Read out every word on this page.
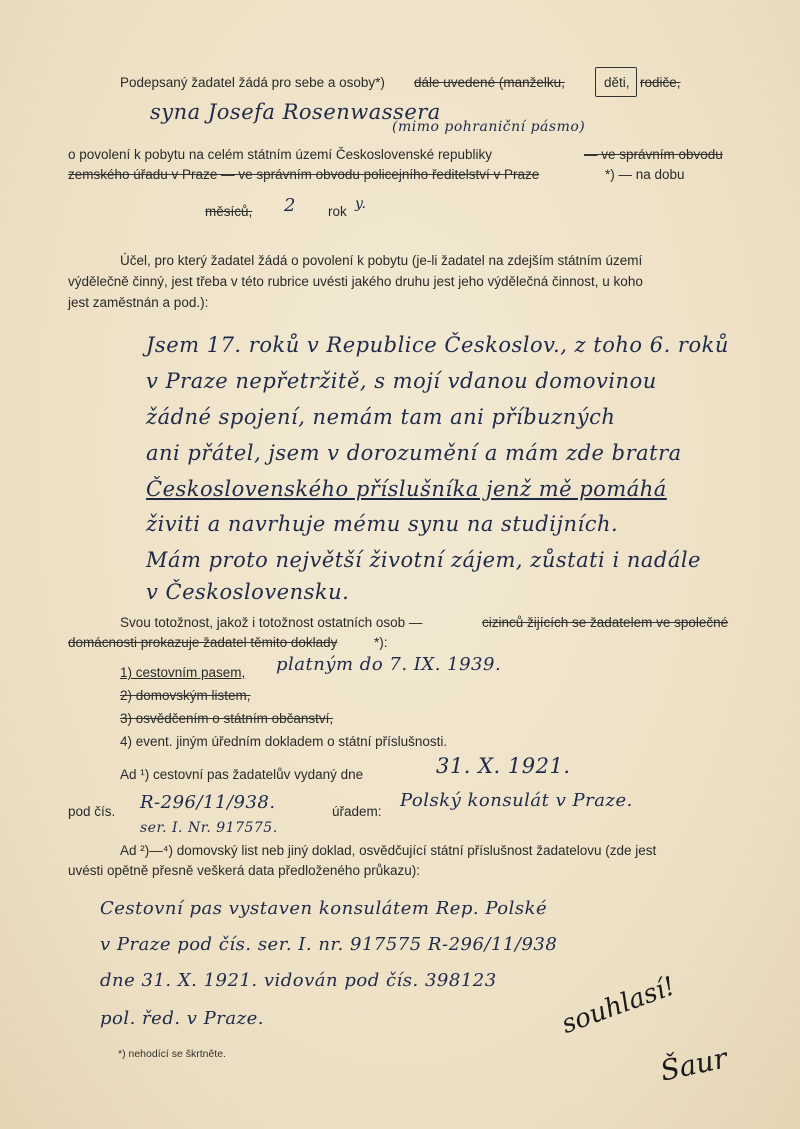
Podepsaný žadatel žádá pro sebe a osoby*) dále uvedené (manželku,	děti, rodiče,
syna Josefa Rosenwassera
(mimo pohraniční pásmo)
o povolení k pobytu na celém státním území Československé republiky	— ve správním obvodu
zemského úřadu v Praze — ve správním obvodu policejního ředitelství v Praze	*) — na dobu
měsíců, 2 rok y.
Účel, pro který žadatel žádá o povolení k pobytu (je-li žadatel na zdejším státním území
výdělečně činný, jest třeba v této rubrice uvésti jakého druhu jest jeho výdělečná činnost, u koho
jest zaměstnán a pod.):
Jsem 17. roků v Republice Českoslov., z toho 6. roků
v Praze nepřetržitě, s mojí vdanou domovinou
žádné spojení, nemám tam ani příbuzných
ani přátel, jsem v dorozumění a mám zde bratra
Československého příslušníka jenž mě pomáhá
živiti a navrhuje mému synu na studijních.
Mám proto největší životní zájem, zůstati i nadále
v Československu.
Svou totožnost, jakož i totožnost ostatních osob —	cizinců žijících se žadatelem ve společné
domácnosti prokazuje žadatel těmito doklady	*):
1) cestovním pasem, platným do 7. IX. 1939.
2) domovským listem,
3) osvědčením o státním občanství,
4) event. jiným úředním dokladem o státní příslušnosti.
Ad ¹) cestovní pas žadatelův vydaný dne	31. X. 1921.
pod čís. R-296/11/938.
ser. I. Nr. 917575.
úřadem:
Polský konsulát v Praze.
Ad ²)—⁴) domovský list neb jiný doklad, osvědčující státní příslušnost žadatelovu (zde jest
uvésti opětně přesně veškerá data předloženého průkazu):
Cestovní pas vystaven konsulátem Rep. Polské
v Praze pod čís. ser. I. nr. 917575 R-296/11/938
dne 31. X. 1921. vidován pod čís. 398123
pol. řed. v Praze.	souhlasí!
Šaur
*) nehodící se škrtněte.
